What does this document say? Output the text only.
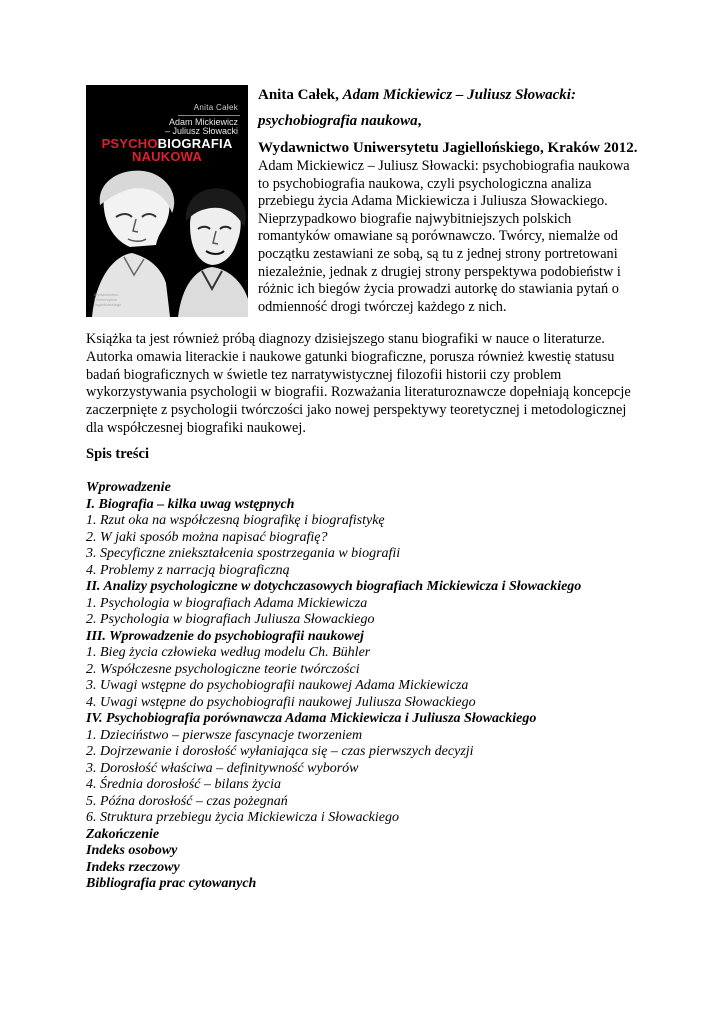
Anita Całek
Adam Mickiewicz
– Juliusz Słowacki
PSYCHOBIOGRAFIA
NAUKOWA
Wydawnictwo Uniwersytetu Jagiellońskiego
Anita Całek, Adam Mickiewicz – Juliusz Słowacki:
psychobiografia naukowa,
Wydawnictwo Uniwersytetu Jagiellońskiego, Kraków 2012.

Adam Mickiewicz – Juliusz Słowacki: psychobiografia naukowa to psychobiografia naukowa, czyli psychologiczna analiza przebiegu życia Adama Mickiewicza i Juliusza Słowackiego. Nieprzypadkowo biografie najwybitniejszych polskich romantyków omawiane są porównawczo. Twórcy, niemalże od początku zestawiani ze sobą, są tu z jednej strony portretowani niezależnie, jednak z drugiej strony perspektywa podobieństw i różnic ich biegów życia prowadzi autorkę do stawiania pytań o odmienność drogi twórczej każdego z nich.

Książka ta jest również próbą diagnozy dzisiejszego stanu biografiki w nauce o literaturze. Autorka omawia literackie i naukowe gatunki biograficzne, porusza również kwestię statusu badań biograficznych w świetle tez narratywistycznej filozofii historii czy problem wykorzystywania psychologii w biografii. Rozważania literaturoznawcze dopełniają koncepcje zaczerpnięte z psychologii twórczości jako nowej perspektywy teoretycznej i metodologicznej dla współczesnej biografiki naukowej.

Spis treści
Wprowadzenie
I. Biografia – kilka uwag wstępnych
1. Rzut oka na współczesną biografikę i biografistykę
2. W jaki sposób można napisać biografię?
3. Specyficzne zniekształcenia spostrzegania w biografii
4. Problemy z narracją biograficzną
II. Analizy psychologiczne w dotychczasowych biografiach Mickiewicza i Słowackiego
1. Psychologia w biografiach Adama Mickiewicza
2. Psychologia w biografiach Juliusza Słowackiego
III. Wprowadzenie do psychobiografii naukowej
1. Bieg życia człowieka według modelu Ch. Bühler
2. Współczesne psychologiczne teorie twórczości
3. Uwagi wstępne do psychobiografii naukowej Adama Mickiewicza
4. Uwagi wstępne do psychobiografii naukowej Juliusza Słowackiego
IV. Psychobiografia porównawcza Adama Mickiewicza i Juliusza Słowackiego
1. Dzieciństwo – pierwsze fascynacje tworzeniem
2. Dojrzewanie i dorosłość wyłaniająca się – czas pierwszych decyzji
3. Dorosłość właściwa – definitywność wyborów
4. Średnia dorosłość – bilans życia
5. Późna dorosłość – czas pożegnań
6. Struktura przebiegu życia Mickiewicza i Słowackiego
Zakończenie
Indeks osobowy
Indeks rzeczowy
Bibliografia prac cytowanych
